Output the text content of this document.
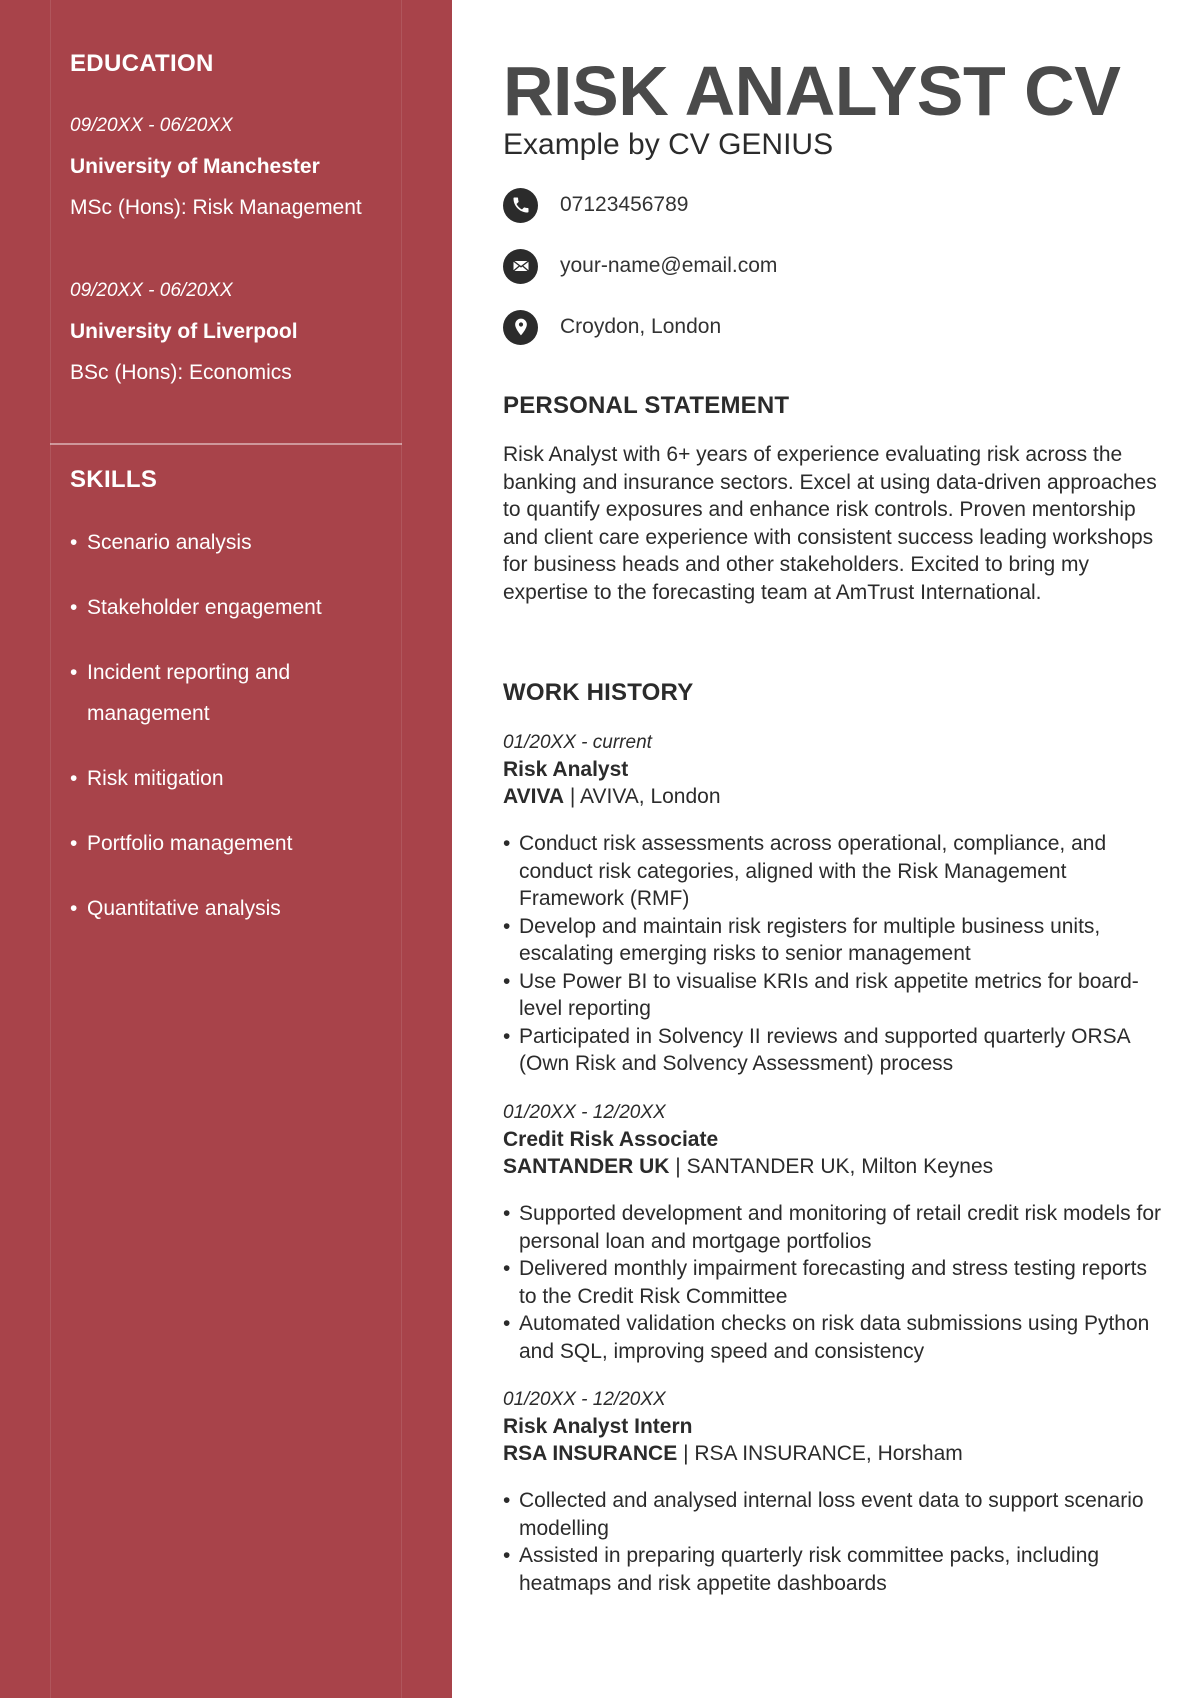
EDUCATION
09/20XX - 06/20XX
University of Manchester
MSc (Hons): Risk Management
09/20XX - 06/20XX
University of Liverpool
BSc (Hons): Economics
SKILLS
• Scenario analysis
• Stakeholder engagement
• Incident reporting and management
• Risk mitigation
• Portfolio management
• Quantitative analysis
RISK ANALYST CV
Example by CV GENIUS
07123456789
your-name@email.com
Croydon, London
PERSONAL STATEMENT

Risk Analyst with 6+ years of experience evaluating risk across the banking and insurance sectors. Excel at using data-driven approaches to quantify exposures and enhance risk controls. Proven mentorship and client care experience with consistent success leading workshops for business heads and other stakeholders. Excited to bring my expertise to the forecasting team at AmTrust International.

WORK HISTORY
01/20XX - current
Risk Analyst
AVIVA | AVIVA, London
• Conduct risk assessments across operational, compliance, and conduct risk categories, aligned with the Risk Management Framework (RMF)
• Develop and maintain risk registers for multiple business units, escalating emerging risks to senior management
• Use Power BI to visualise KRIs and risk appetite metrics for board-level reporting
• Participated in Solvency II reviews and supported quarterly ORSA (Own Risk and Solvency Assessment) process
01/20XX - 12/20XX
Credit Risk Associate
SANTANDER UK | SANTANDER UK, Milton Keynes
• Supported development and monitoring of retail credit risk models for personal loan and mortgage portfolios
• Delivered monthly impairment forecasting and stress testing reports to the Credit Risk Committee
• Automated validation checks on risk data submissions using Python and SQL, improving speed and consistency
01/20XX - 12/20XX
Risk Analyst Intern
RSA INSURANCE | RSA INSURANCE, Horsham
• Collected and analysed internal loss event data to support scenario modelling
• Assisted in preparing quarterly risk committee packs, including heatmaps and risk appetite dashboards
